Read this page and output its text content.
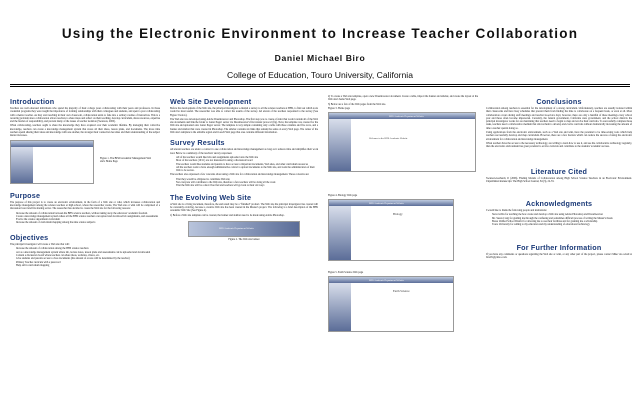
Using the Electronic Environment to Increase Teacher Collaboration
Daniel Michael Biro
College of Education, Touro University, California
Introduction

Teachers are well educated individuals who spend the majority of their college years collaborating with their peers and professors. In these credential programs they were taught the importance of forming relationships with their colleagues and students, and spent a year collaborating with a mentor teacher. As they start teaching in their own classroom, collaboration tends to fade into a solitary routine of instruction. This is a recurring problem since collaboration allows teachers to share ideas and reflect on their teaching, develop curriculum, share resources, expertise and the burden of responsibility, and prevent many of the issues of teacher isolation (Swanson, 2000).

When collaborating, teachers ought to share the knowledge they have acquired over their academic lifetime. By managing their collective knowledge, teachers can create a knowledge management system that stores all their ideas, lesson plans, and documents. The more time teachers spend sharing their ideas and knowledge with one another, the stronger their connection becomes and their understanding of the subject matter increases.

Figure 1. The BISD Academic Management Web site's Home Page
Purpose

The purpose of this project is to create an electronic environment, in the form of a Web site or wiki, which increases collaboration and knowledge management among the science teachers at high school, where the researcher works. The Web site or wiki will be comprised of a discussion board and file sharing server. The researcher has decided to create the Web site for the following reasons:

• Increase the amount of collaboration between the BHS science teachers, without taking away the educators' academic freedom
• Create a knowledge management system where all the BHS science teachers can upload and download lab assignments, and assessments
• Evolve the science department curriculum
• Increase the amount of curriculum mapping among the nine science subjects
•
Objectives

The principal investigator will create a Web site that will:

• Increase the amount of collaboration among the BHS science teachers
• Act as a knowledge management system where lab, lecture notes, lesson plans and assessments can be uploaded and downloaded
• Contain a discussion board where teachers can share ideas, websites, videos, etc.
• Give students and parents access to class documents (the amount of access will be determined by the teacher)
• Primary Teacher curricula with a password
• Help aid in curriculum mapping
Web Site Development

Before the development of the Web site, the principal investigator e-mailed a survey to all the science teachers at BHS, to find out which tools would be most useful. The researcher was able to collect the results of the survey. All eleven of the teachers responded to the survey (See Figure 3 below).

The Web site was developed using Adobe Dreamweaver and Photoshop. The first step was to create a folder that would contain all of the Web site documents and link the folder to Lunar Pages' server via Dreamweaver's file transfer protocol (ftp). Next, the template was created for the Web site and uploaded onto Lunar Pages' server. The template is very simple containing only a table with three columns and five rows, and a banner and sidebar that were created in Photoshop. The sidebar contains six links that remain the same on every Web page. The center of the Web site's template is the editable region and in each Web page that area contains different information.

Survey Results

All eleven teachers are under a contract to use collaboration and knowledge management as long as it reduces time and simplifies their work load. Below is a summary of the teachers' survey responses:

• All of the teachers would like labs and assignments uploaded onto the Web site
• Most of the teachers (10/11) are not interested in using a discussion board
• The teachers would like students and parents to have access to important documents, Web sites, and other curriculum resources
• All the teachers want to have enough administrative control to upload documents to the Web site, and want the administration of their Web to be secure.

The teachers also expressed a few concerns about using a Web site for collaboration and knowledge management. These concerns are:

• That they would be obligated to contribute Web site
• Not everyone will contribute to the Web site, therefore a few teachers will be doing all the work
• That the Web site will be a short lived fad and teachers will go back to their old ways
The Evolving Web Site

A Web site is a living document, therefore, the end result may be a "finished" product. The Web site the principal investigator has created will be constantly evolving, because a creative Web site has been created in the Master's project. The following is a brief description of the BHS Academic Web Site (See Figure 4).

1) Before a Web site template can be created, the banner and sidebar need to be made using Adobe Photoshop.

BHS Academic Department Website
Figure 2. The Web site banner

2) To create a Web site template, open a new Dreamweaver document. Create a table, import the banner and sidebar, and create the layout of the Web site's home Web page.

3) Below are a few of the Web pages from the Web site.

Figure 3. Home page
BHS Academic Department Website
Welcome to the BHS Academic Website
Figure 4. Biology Web page
BHS Academic Department Website
Biology
Figure 5. Earth Science Web page
BHS Academic Department Website
Earth Science
Conclusions

Collaboration among teachers is essential for the development of a strong curriculum. Unfortunately, teachers are usually isolated within their classrooms and have busy schedules that prevent them from finding the time to collaborate on a frequent basis, or even at all. Most collaboration occurs during staff meetings and teacher in-service days; however, there are only a handful of these meetings every school year and these often become impersonal. Currently, the federal government, California state government, and the school districts the principal investigator works for are mandating that teachers need to begin to map and evolve their curricula. To successfully complete these tasks, teachers need a collaborative medium that allows them to develop and evolve curricula without dramatically increasing the amount of time a teacher spends doing so.

Using applications from the electronic environment, such as a Web site and wiki, have the potential to be time-saving tools which help teachers successfully develop and map curriculum. However, there are a few barriers which can reduce the success of using the electronic environment for collaboration and knowledge management.

When teachers have the access to the necessary technology, are willing to learn how to use it, and see the collaborative technology regularly, then the electronic environment has great potential to evolve curricula and contribute to the students' academic success.

Literature Cited

Swanson-Gerhardt, P. (2006). Finding Models of Collaboration among High School Science Teachers in an Electronic Environment. Unpublished manuscript. The High School Journal, 84 (3), 22-33.

Acknowledgments

I would like to thank the following people and institutions:

• Steve Gibbs for teaching me how create and develop a Web site using Adobe Photoshop and Dreamweaver
• Mr. Susan Craig for guiding me through the confusing and sometimes difficult process of writing the Master's thesis
• Berea Unified School District for allowing me to use their facilities and for granting me a scholarship
• Touro University for adding to my education and my understanding of educational technology
For Further Information

If you have any comments or questions regarding the Web site or wiki, or any other part of the project, please contact Mike via e-mail at biro95@yahoo.com.
